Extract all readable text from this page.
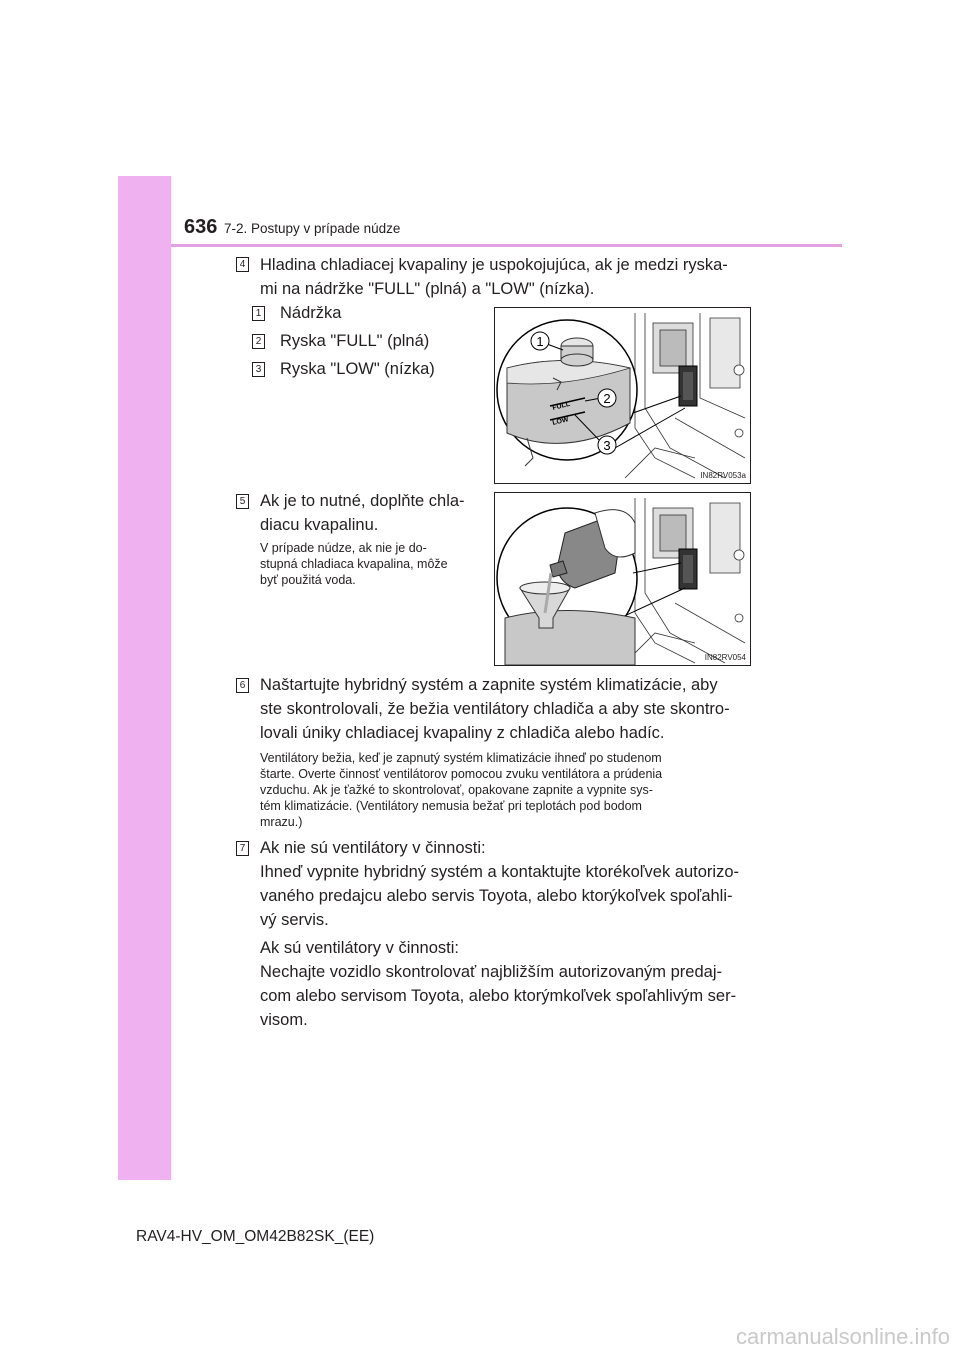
636 7-2. Postupy v prípade núdze
4 Hladina chladiacej kvapaliny je uspokojujúca, ak je medzi ryska-
mi na nádržke "FULL" (plná) a "LOW" (nízka).
1 Nádržka
2 Ryska "FULL" (plná)
3 Ryska "LOW" (nízka)
1
2
3
FULL
LOW
IN82RV053a
5 Ak je to nutné, doplňte chla-
diacu kvapalinu.
V prípade núdze, ak nie je do-
stupná chladiaca kvapalina, môže
byť použitá voda.
IN82RV054
6 Naštartujte hybridný systém a zapnite systém klimatizácie, aby
ste skontrolovali, že bežia ventilátory chladiča a aby ste skontro-
lovali úniky chladiacej kvapaliny z chladiča alebo hadíc.
Ventilátory bežia, keď je zapnutý systém klimatizácie ihneď po studenom
štarte. Overte činnosť ventilátorov pomocou zvuku ventilátora a prúdenia
vzduchu. Ak je ťažké to skontrolovať, opakovane zapnite a vypnite sys-
tém klimatizácie. (Ventilátory nemusia bežať pri teplotách pod bodom
mrazu.)
7 Ak nie sú ventilátory v činnosti:
Ihneď vypnite hybridný systém a kontaktujte ktorékoľvek autorizo-
vaného predajcu alebo servis Toyota, alebo ktorýkoľvek spoľahli-
vý servis.
Ak sú ventilátory v činnosti:
Nechajte vozidlo skontrolovať najbližším autorizovaným predaj-
com alebo servisom Toyota, alebo ktorýmkoľvek spoľahlivým ser-
visom.
RAV4-HV_OM_OM42B82SK_(EE)
carmanualsonline.info
